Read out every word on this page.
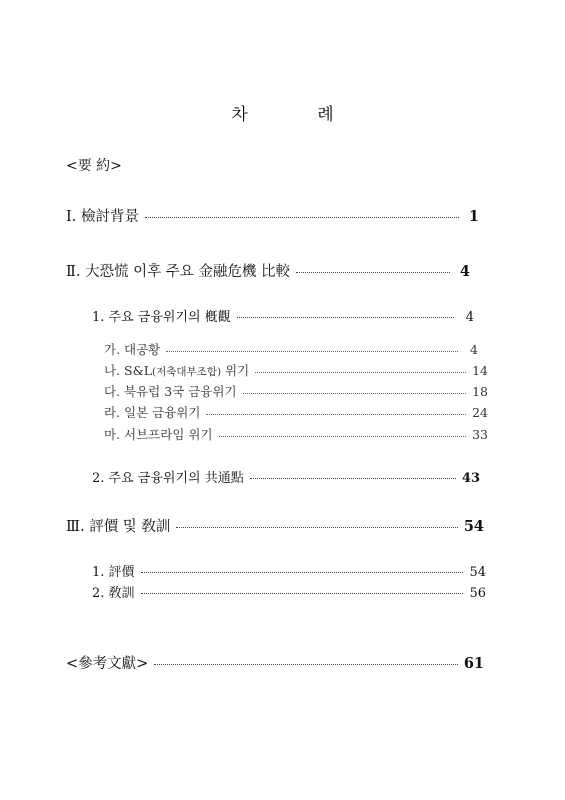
차 례
<要 約>
Ⅰ. 檢討背景	1
Ⅱ. 大恐慌 이후 주요 金融危機 比較	4
1. 주요 금융위기의 槪觀	4
가. 대공황	4
나. S&L(저축대부조합) 위기	14
다. 북유럽 3국 금융위기	18
라. 일본 금융위기	24
마. 서브프라임 위기	33
2. 주요 금융위기의 共通點	43
Ⅲ. 評價 및 敎訓	54
1. 評價	54
2. 敎訓	56
<參考文獻>	61
